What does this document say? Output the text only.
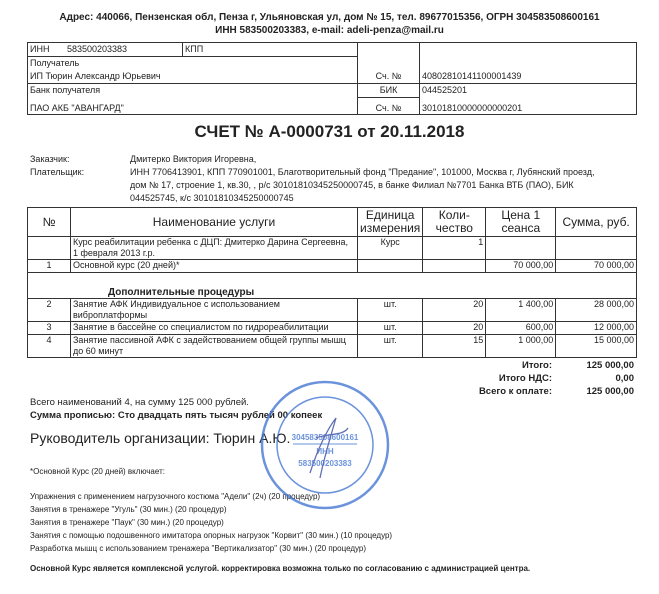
Адрес: 440066, Пензенская обл, Пенза г, Ульяновская ул, дом № 15, тел. 89677015356, ОГРН 304583508600161
ИНН 583500203383, e-mail: adeli-penza@mail.ru
ИНН 583500203383	КПП		
Получатель			
ИП Тюрин Александр Юрьевич		Сч. №	40802810141100001439
Банк получателя		БИК	044525201
ПАО АКБ "АВАНГАРД"		Сч. №	30101810000000000201
СЧЕТ № А-0000731 от 20.11.2018
Заказчик:	Дмитерко Виктория Игоревна,
Плательщик:	ИНН 7706413901, КПП 770901001, Благотворительный фонд "Предание", 101000, Москва г, Лубянский проезд,
дом № 17, строение 1, кв.30, , р/с 30101810345250000745, в банке Филиал №7701 Банка ВТБ (ПАО), БИК
044525745, к/с 30101810345250000745
№	Наименование услуги	Единица измерения	Коли-чество	Цена 1 сеанса	Сумма, руб.
	Курс реабилитации ребенка с ДЦП: Дмитерко Дарина Сергеевна, 1 февраля 2013 г.р.	Курс	1		
1	Основной курс (20 дней)*			70 000,00	70 000,00
Дополнительные процедуры					
2	Занятие АФК Индивидуальное с использованием виброплатформы	шт.	20	1 400,00	28 000,00
3	Занятие в бассейне со специалистом по гидрореабилитации	шт.	20	600,00	12 000,00
4	Занятие пассивной АФК с задействованием общей группы мышц до 60 минут	шт.	15	1 000,00	15 000,00
Итого:	125 000,00
Итого НДС:	0,00
Всего к оплате:	125 000,00
Всего наименований 4, на сумму 125 000 рублей.
Сумма прописью: Сто двадцать пять тысяч рублей 00 копеек
Руководитель организации: Тюрин А.Ю.
*Основной Курс (20 дней) включает:
Упражнения с применением нагрузочного костюма "Адели" (2ч) (20 процедур)
Занятия в тренажере "Угуль" (30 мин.) (20 процедур)
Занятия в тренажере "Паук" (30 мин.) (20 процедур)
Занятия с помощью подошвенного имитатора опорных нагрузок "Корвит" (30 мин.) (10 процедур)
Разработка мышц с использованием тренажера "Вертикализатор" (30 мин.) (20 процедур)
Основной Курс является комплексной услугой. корректировка возможна только по согласованию с администрацией центра.
304583508600161
ИНН
583500203383
